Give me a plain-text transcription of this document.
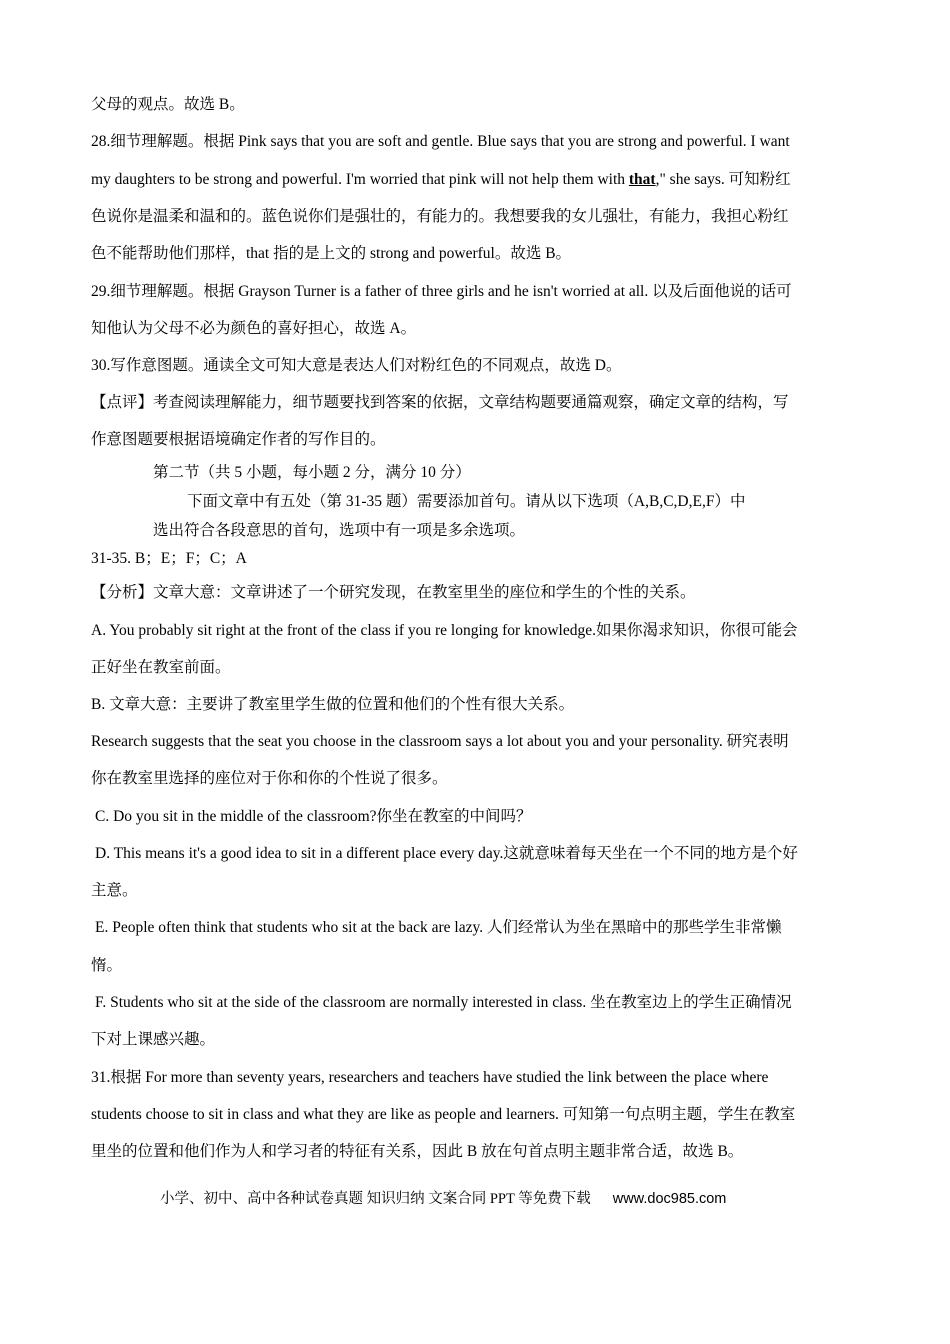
父母的观点。故选 B。
28.细节理解题。根据 Pink says that you are soft and gentle. Blue says that you are strong and powerful. I want
my daughters to be strong and powerful. I'm worried that pink will not help them with that," she says. 可知粉红
色说你是温柔和温和的。蓝色说你们是强壮的，有能力的。我想要我的女儿强壮，有能力，我担心粉红
色不能帮助他们那样，that 指的是上文的 strong and powerful。故选 B。
29.细节理解题。根据 Grayson Turner is a father of three girls and he isn't worried at all. 以及后面他说的话可
知他认为父母不必为颜色的喜好担心，故选 A。
30.写作意图题。通读全文可知大意是表达人们对粉红色的不同观点，故选 D。
【点评】考查阅读理解能力，细节题要找到答案的依据，文章结构题要通篇观察，确定文章的结构，写
作意图题要根据语境确定作者的写作目的。
第二节（共 5 小题，每小题 2 分，满分 10 分）
下面文章中有五处（第 31-35 题）需要添加首句。请从以下选项（A,B,C,D,E,F）中
选出符合各段意思的首句，选项中有一项是多余选项。
31-35. B；E；F；C；A
【分析】文章大意：文章讲述了一个研究发现，在教室里坐的座位和学生的个性的关系。
A. You probably sit right at the front of the class if you re longing for knowledge.如果你渴求知识，你很可能会
正好坐在教室前面。
B. 文章大意：主要讲了教室里学生做的位置和他们的个性有很大关系。
Research suggests that the seat you choose in the classroom says a lot about you and your personality. 研究表明
你在教室里选择的座位对于你和你的个性说了很多。
C. Do you sit in the middle of the classroom?你坐在教室的中间吗？
D. This means it's a good idea to sit in a different place every day.这就意味着每天坐在一个不同的地方是个好
主意。
E. People often think that students who sit at the back are lazy. 人们经常认为坐在黑暗中的那些学生非常懒
惰。
F. Students who sit at the side of the classroom are normally interested in class. 坐在教室边上的学生正确情况
下对上课感兴趣。
31.根据 For more than seventy years, researchers and teachers have studied the link between the place where
students choose to sit in class and what they are like as people and learners. 可知第一句点明主题，学生在教室
里坐的位置和他们作为人和学习者的特征有关系，因此 B 放在句首点明主题非常合适，故选 B。
小学、初中、高中各种试卷真题 知识归纳 文案合同 PPT 等免费下载 www.doc985.com
